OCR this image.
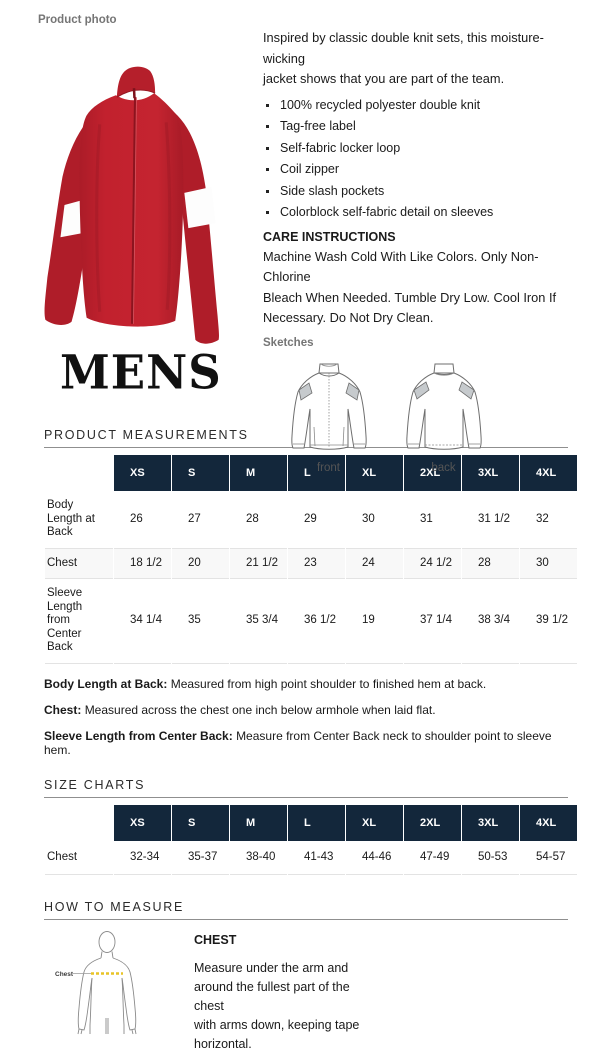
Product photo
MENS
Inspired by classic double knit sets, this moisture-wicking
jacket shows that you are part of the team.
100% recycled polyester double knit
Tag-free label
Self-fabric locker loop
Coil zipper
Side slash pockets
Colorblock self-fabric detail on sleeves
CARE INSTRUCTIONS
Machine Wash Cold With Like Colors. Only Non-Chlorine
Bleach When Needed. Tumble Dry Low. Cool Iron If
Necessary. Do Not Dry Clean.
Sketches
front	back
PRODUCT MEASUREMENTS
	XS	S	M	L	XL	2XL	3XL	4XL
Body Length at Back	26	27	28	29	30	31	31 1/2	32
Chest	18 1/2	20	21 1/2	23	24	24 1/2	28	30
Sleeve Length from Center Back	34 1/4	35	35 3/4	36 1/2	19	37 1/4	38 3/4	39 1/2

Body Length at Back: Measured from high point shoulder to finished hem at back.

Chest: Measured across the chest one inch below armhole when laid flat.

Sleeve Length from Center Back: Measure from Center Back neck to shoulder point to sleeve hem.

SIZE CHARTS
	XS	S	M	L	XL	2XL	3XL	4XL
Chest	32-34	35-37	38-40	41-43	44-46	47-49	50-53	54-57
HOW TO MEASURE
Chest
CHEST
Measure under the arm and
around the fullest part of the chest
with arms down, keeping tape
horizontal.
